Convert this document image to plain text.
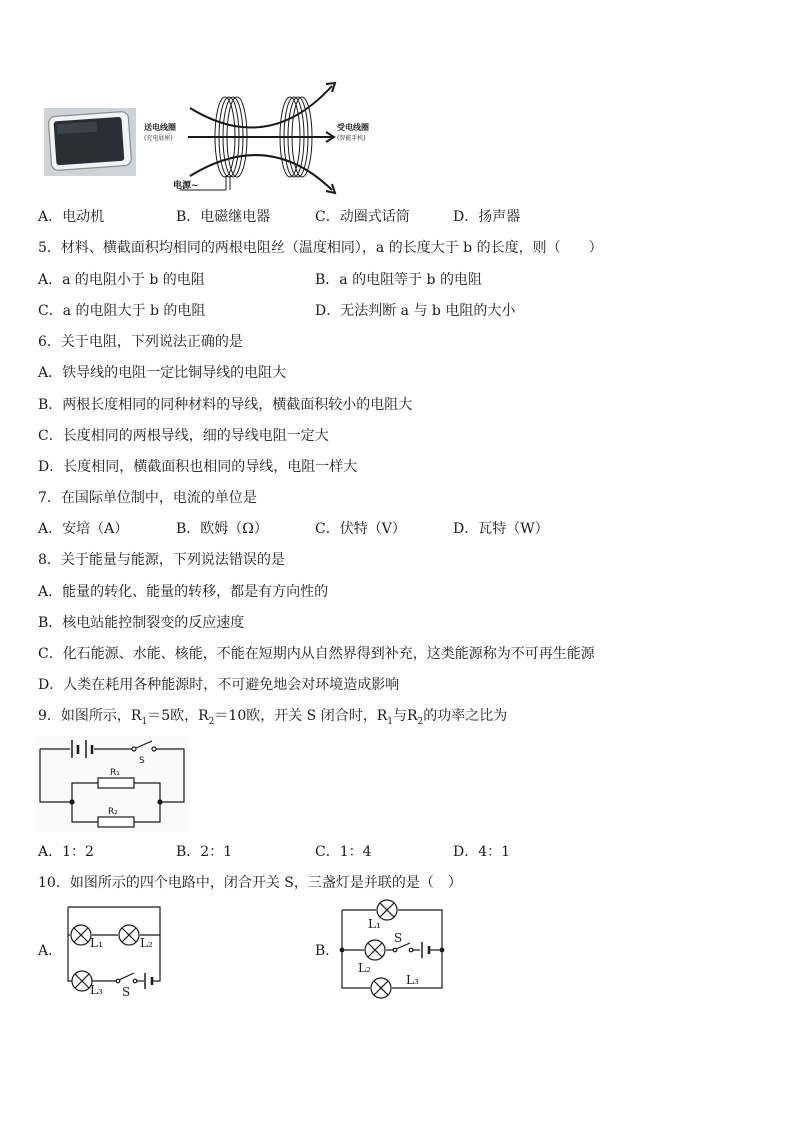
送电线圈
(充电底座)
受电线圈
(智能手机)
电源~
A．电动机	B．电磁继电器	C．动圈式话筒	D．扬声器
5．材料、横截面积均相同的两根电阻丝（温度相同），a 的长度大于 b 的长度，则（　　）
A．a 的电阻小于 b 的电阻	B．a 的电阻等于 b 的电阻
C．a 的电阻大于 b 的电阻	D．无法判断 a 与 b 电阻的大小
6．关于电阻，下列说法正确的是
A．铁导线的电阻一定比铜导线的电阻大
B．两根长度相同的同种材料的导线，横截面积较小的电阻大
C．长度相同的两根导线，细的导线电阻一定大
D．长度相同，横截面积也相同的导线，电阻一样大
7．在国际单位制中，电流的单位是
A．安培（A）	B．欧姆（Ω）	C．伏特（V）	D．瓦特（W）
8．关于能量与能源，下列说法错误的是
A．能量的转化、能量的转移，都是有方向性的
B．核电站能控制裂变的反应速度
C．化石能源、水能、核能，不能在短期内从自然界得到补充，这类能源称为不可再生能源
D．人类在耗用各种能源时，不可避免地会对环境造成影响
9．如图所示，$R_1=5$欧，$R_2=10$欧，开关 S 闭合时，$R_1$与$R_2$的功率之比为
S
R₁
R₂
A．1：2	B．2：1	C．1：4	D．4：1
10．如图所示的四个电路中，闭合开关 S，三盏灯是并联的是（　）
A． L₁	L₂
L₃ S
B．
L₁
L₂
L₃
S
